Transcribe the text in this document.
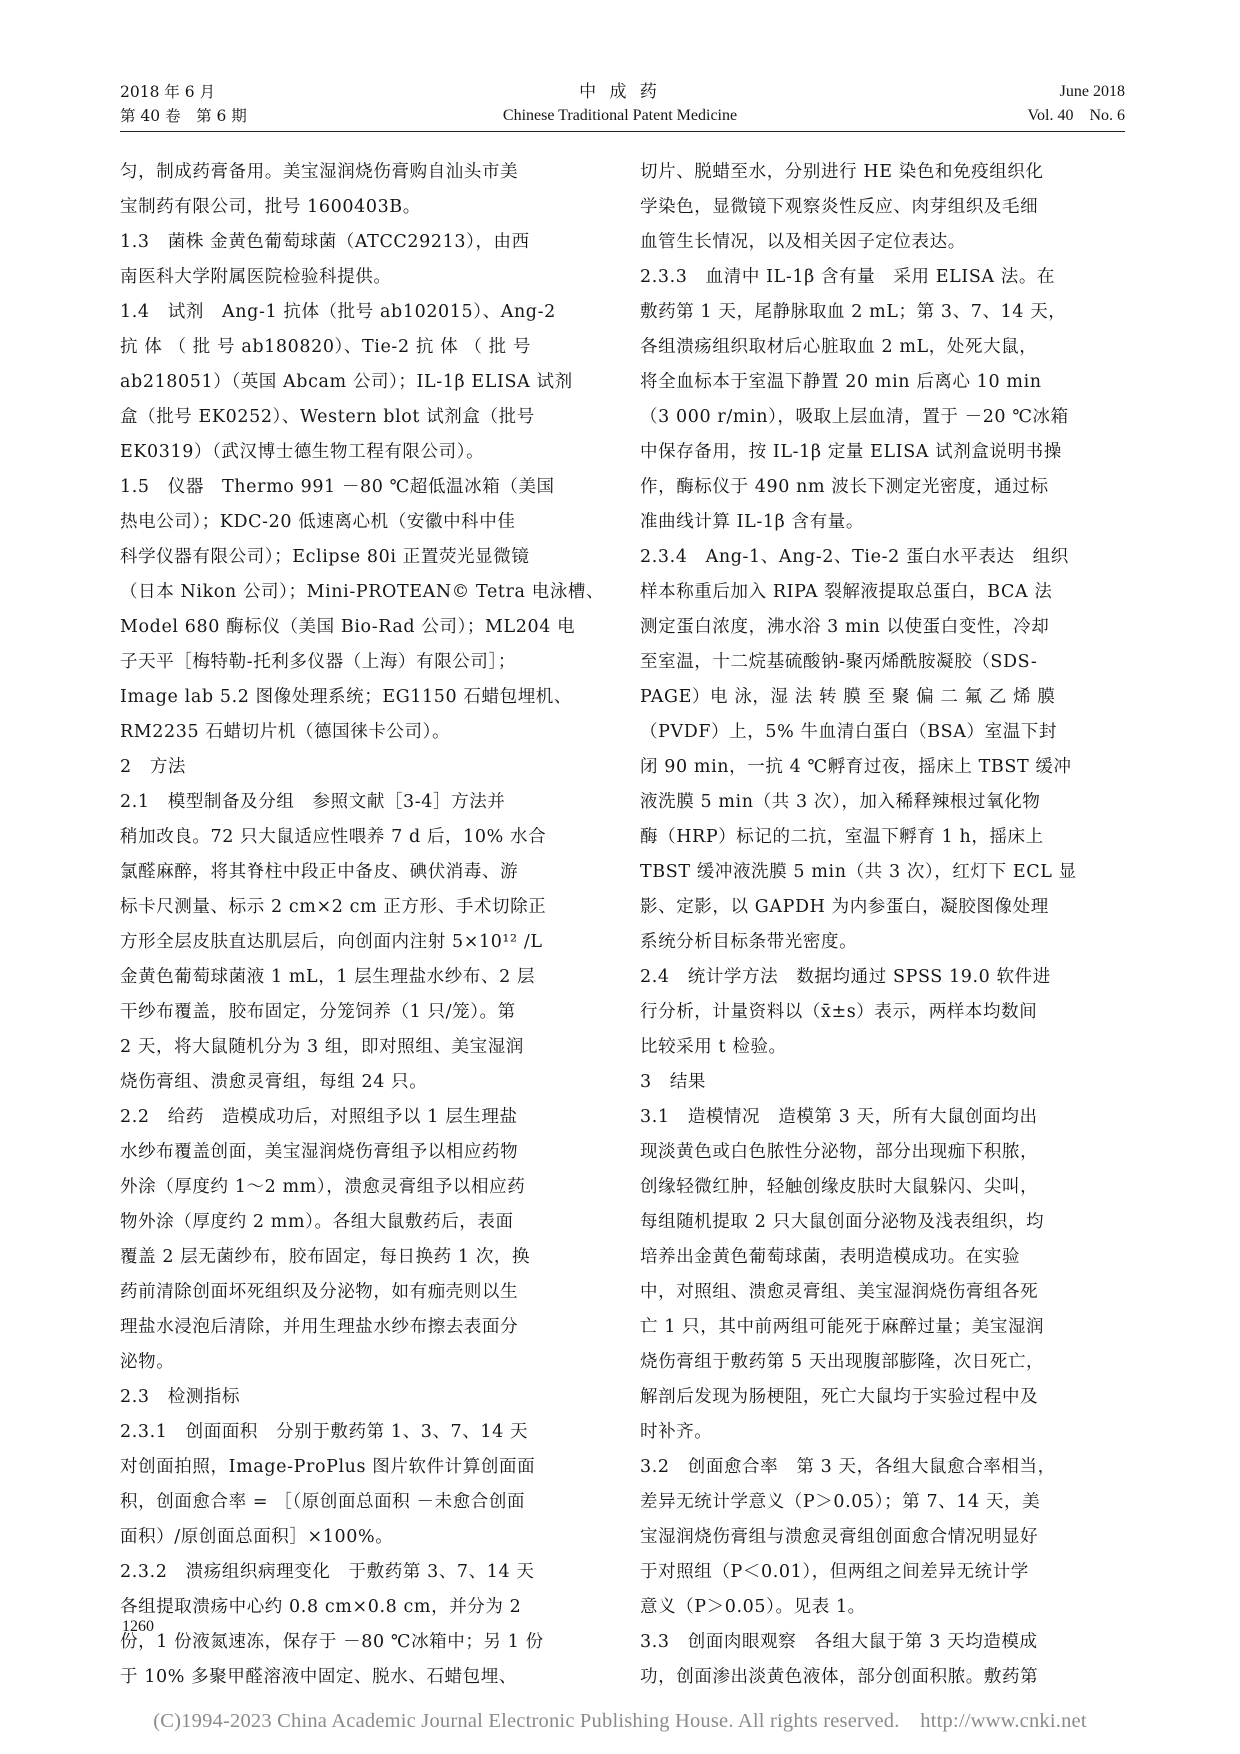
2018 年 6 月
第 40 卷　第 6 期
中 成 药
Chinese Traditional Patent Medicine
June 2018
Vol. 40　No. 6
匀，制成药膏备用。美宝湿润烧伤膏购自汕头市美
宝制药有限公司，批号 1600403B。
1.3　菌株 金黄色葡萄球菌（ATCC29213），由西
南医科大学附属医院检验科提供。
1.4　试剂　Ang-1 抗体（批号 ab102015）、Ang-2
抗 体 （ 批 号 ab180820）、Tie-2 抗 体 （ 批 号
ab218051）（英国 Abcam 公司）；IL-1β ELISA 试剂
盒（批号 EK0252）、Western blot 试剂盒（批号
EK0319）（武汉博士德生物工程有限公司）。
1.5　仪器　Thermo 991 －80 ℃超低温冰箱（美国
热电公司）；KDC-20 低速离心机（安徽中科中佳
科学仪器有限公司）；Eclipse 80i 正置荧光显微镜
（日本 Nikon 公司）；Mini-PROTEAN© Tetra 电泳槽、
Model 680 酶标仪（美国 Bio-Rad 公司）；ML204 电
子天平［梅特勒-托利多仪器（上海）有限公司］；
Image lab 5.2 图像处理系统；EG1150 石蜡包埋机、
RM2235 石蜡切片机（德国徕卡公司）。
2　方法
2.1　模型制备及分组　参照文献［3-4］方法并
稍加改良。72 只大鼠适应性喂养 7 d 后，10% 水合
氯醛麻醉，将其脊柱中段正中备皮、碘伏消毒、游
标卡尺测量、标示 2 cm×2 cm 正方形、手术切除正
方形全层皮肤直达肌层后，向创面内注射 5×10¹² /L
金黄色葡萄球菌液 1 mL，1 层生理盐水纱布、2 层
干纱布覆盖，胶布固定，分笼饲养（1 只/笼）。第
2 天，将大鼠随机分为 3 组，即对照组、美宝湿润
烧伤膏组、溃愈灵膏组，每组 24 只。
2.2　给药　造模成功后，对照组予以 1 层生理盐
水纱布覆盖创面，美宝湿润烧伤膏组予以相应药物
外涂（厚度约 1～2 mm），溃愈灵膏组予以相应药
物外涂（厚度约 2 mm）。各组大鼠敷药后，表面
覆盖 2 层无菌纱布，胶布固定，每日换药 1 次，换
药前清除创面坏死组织及分泌物，如有痂壳则以生
理盐水浸泡后清除，并用生理盐水纱布擦去表面分
泌物。
2.3　检测指标
2.3.1　创面面积　分别于敷药第 1、3、7、14 天
对创面拍照，Image-ProPlus 图片软件计算创面面
积，创面愈合率 = ［（原创面总面积 －未愈合创面
面积）/原创面总面积］×100%。
2.3.2　溃疡组织病理变化　于敷药第 3、7、14 天
各组提取溃疡中心约 0.8 cm×0.8 cm，并分为 2
份，1 份液氮速冻，保存于 －80 ℃冰箱中；另 1 份
于 10% 多聚甲醛溶液中固定、脱水、石蜡包埋、
切片、脱蜡至水，分别进行 HE 染色和免疫组织化
学染色，显微镜下观察炎性反应、肉芽组织及毛细
血管生长情况，以及相关因子定位表达。
2.3.3　血清中 IL-1β 含有量　采用 ELISA 法。在
敷药第 1 天，尾静脉取血 2 mL；第 3、7、14 天，
各组溃疡组织取材后心脏取血 2 mL，处死大鼠，
将全血标本于室温下静置 20 min 后离心 10 min
（3 000 r/min），吸取上层血清，置于 －20 ℃冰箱
中保存备用，按 IL-1β 定量 ELISA 试剂盒说明书操
作，酶标仪于 490 nm 波长下测定光密度，通过标
准曲线计算 IL-1β 含有量。
2.3.4　Ang-1、Ang-2、Tie-2 蛋白水平表达　组织
样本称重后加入 RIPA 裂解液提取总蛋白，BCA 法
测定蛋白浓度，沸水浴 3 min 以使蛋白变性，冷却
至室温，十二烷基硫酸钠-聚丙烯酰胺凝胶（SDS-
PAGE）电 泳，湿 法 转 膜 至 聚 偏 二 氟 乙 烯 膜
（PVDF）上，5% 牛血清白蛋白（BSA）室温下封
闭 90 min，一抗 4 ℃孵育过夜，摇床上 TBST 缓冲
液洗膜 5 min（共 3 次），加入稀释辣根过氧化物
酶（HRP）标记的二抗，室温下孵育 1 h，摇床上
TBST 缓冲液洗膜 5 min（共 3 次），红灯下 ECL 显
影、定影，以 GAPDH 为内参蛋白，凝胶图像处理
系统分析目标条带光密度。
2.4　统计学方法　数据均通过 SPSS 19.0 软件进
行分析，计量资料以（x̄±s）表示，两样本均数间
比较采用 t 检验。
3　结果
3.1　造模情况　造模第 3 天，所有大鼠创面均出
现淡黄色或白色脓性分泌物，部分出现痂下积脓，
创缘轻微红肿，轻触创缘皮肤时大鼠躲闪、尖叫，
每组随机提取 2 只大鼠创面分泌物及浅表组织，均
培养出金黄色葡萄球菌，表明造模成功。在实验
中，对照组、溃愈灵膏组、美宝湿润烧伤膏组各死
亡 1 只，其中前两组可能死于麻醉过量；美宝湿润
烧伤膏组于敷药第 5 天出现腹部膨隆，次日死亡，
解剖后发现为肠梗阻，死亡大鼠均于实验过程中及
时补齐。
3.2　创面愈合率　第 3 天，各组大鼠愈合率相当，
差异无统计学意义（P＞0.05）；第 7、14 天，美
宝湿润烧伤膏组与溃愈灵膏组创面愈合情况明显好
于对照组（P＜0.01），但两组之间差异无统计学
意义（P＞0.05）。见表 1。
3.3　创面肉眼观察　各组大鼠于第 3 天均造模成
功，创面渗出淡黄色液体，部分创面积脓。敷药第
1260
(C)1994-2023 China Academic Journal Electronic Publishing House. All rights reserved.　http://www.cnki.net
